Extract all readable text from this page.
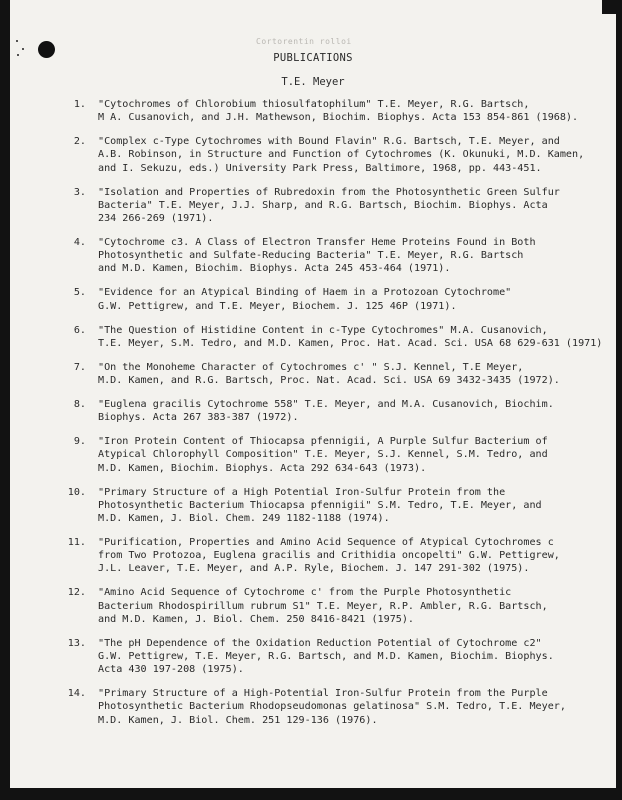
Cortorentin rolloi
PUBLICATIONS
T.E. Meyer
1. "Cytochromes of Chlorobium thiosulfatophilum" T.E. Meyer, R.G. Bartsch,
M A. Cusanovich, and J.H. Mathewson, Biochim. Biophys. Acta 153 854-861 (1968).
2. "Complex c-Type Cytochromes with Bound Flavin" R.G. Bartsch, T.E. Meyer, and
A.B. Robinson, in Structure and Function of Cytochromes (K. Okunuki, M.D. Kamen,
and I. Sekuzu, eds.) University Park Press, Baltimore, 1968, pp. 443-451.
3. "Isolation and Properties of Rubredoxin from the Photosynthetic Green Sulfur
Bacteria" T.E. Meyer, J.J. Sharp, and R.G. Bartsch, Biochim. Biophys. Acta
234 266-269 (1971).
4. "Cytochrome c3. A Class of Electron Transfer Heme Proteins Found in Both
Photosynthetic and Sulfate-Reducing Bacteria" T.E. Meyer, R.G. Bartsch
and M.D. Kamen, Biochim. Biophys. Acta 245 453-464 (1971).
5. "Evidence for an Atypical Binding of Haem in a Protozoan Cytochrome"
G.W. Pettigrew, and T.E. Meyer, Biochem. J. 125 46P (1971).
6. "The Question of Histidine Content in c-Type Cytochromes" M.A. Cusanovich,
T.E. Meyer, S.M. Tedro, and M.D. Kamen, Proc. Hat. Acad. Sci. USA 68 629-631 (1971)
7. "On the Monoheme Character of Cytochromes c' " S.J. Kennel, T.E Meyer,
M.D. Kamen, and R.G. Bartsch, Proc. Nat. Acad. Sci. USA 69 3432-3435 (1972).
8. "Euglena gracilis Cytochrome 558" T.E. Meyer, and M.A. Cusanovich, Biochim.
Biophys. Acta 267 383-387 (1972).
9. "Iron Protein Content of Thiocapsa pfennigii, A Purple Sulfur Bacterium of
Atypical Chlorophyll Composition" T.E. Meyer, S.J. Kennel, S.M. Tedro, and
M.D. Kamen, Biochim. Biophys. Acta 292 634-643 (1973).
10. "Primary Structure of a High Potential Iron-Sulfur Protein from the
Photosynthetic Bacterium Thiocapsa pfennigii" S.M. Tedro, T.E. Meyer, and
M.D. Kamen, J. Biol. Chem. 249 1182-1188 (1974).
11. "Purification, Properties and Amino Acid Sequence of Atypical Cytochromes c
from Two Protozoa, Euglena gracilis and Crithidia oncopelti" G.W. Pettigrew,
J.L. Leaver, T.E. Meyer, and A.P. Ryle, Biochem. J. 147 291-302 (1975).
12. "Amino Acid Sequence of Cytochrome c' from the Purple Photosynthetic
Bacterium Rhodospirillum rubrum S1" T.E. Meyer, R.P. Ambler, R.G. Bartsch,
and M.D. Kamen, J. Biol. Chem. 250 8416-8421 (1975).
13. "The pH Dependence of the Oxidation Reduction Potential of Cytochrome c2"
G.W. Pettigrew, T.E. Meyer, R.G. Bartsch, and M.D. Kamen, Biochim. Biophys.
Acta 430 197-208 (1975).
14. "Primary Structure of a High-Potential Iron-Sulfur Protein from the Purple
Photosynthetic Bacterium Rhodopseudomonas gelatinosa" S.M. Tedro, T.E. Meyer,
M.D. Kamen, J. Biol. Chem. 251 129-136 (1976).
